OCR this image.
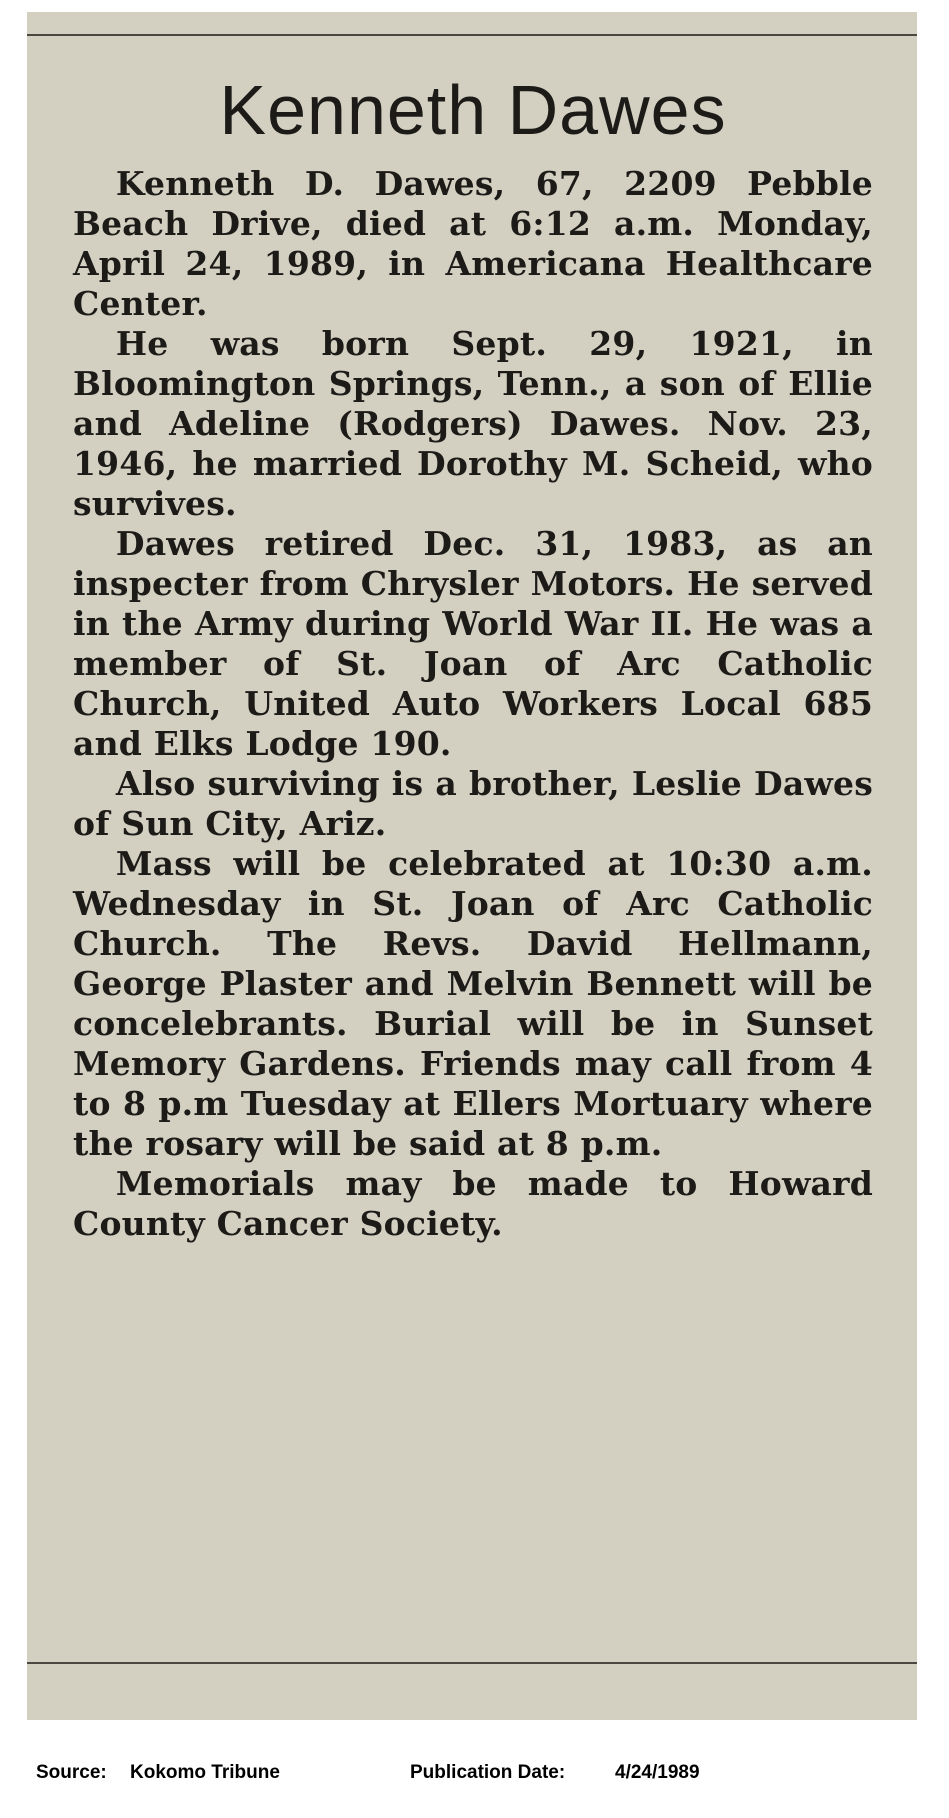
Kenneth Dawes

Kenneth D. Dawes, 67, 2209 Pebble Beach Drive, died at 6:12 a.m. Monday, April 24, 1989, in Americana Healthcare Center.

He was born Sept. 29, 1921, in Bloomington Springs, Tenn., a son of Ellie and Adeline (Rodgers) Dawes. Nov. 23, 1946, he married Dorothy M. Scheid, who survives.

Dawes retired Dec. 31, 1983, as an inspecter from Chrysler Motors. He served in the Army during World War II. He was a member of St. Joan of Arc Catholic Church, United Auto Workers Local 685 and Elks Lodge 190.

Also surviving is a brother, Leslie Dawes of Sun City, Ariz.

Mass will be celebrated at 10:30 a.m. Wednesday in St. Joan of Arc Catholic Church. The Revs. David Hellmann, George Plaster and Melvin Bennett will be concelebrants. Burial will be in Sunset Memory Gardens. Friends may call from 4 to 8 p.m Tuesday at Ellers Mortuary where the rosary will be said at 8 p.m.

Memorials may be made to Howard County Cancer Society.

Source: Kokomo Tribune	Publication Date:	4/24/1989
